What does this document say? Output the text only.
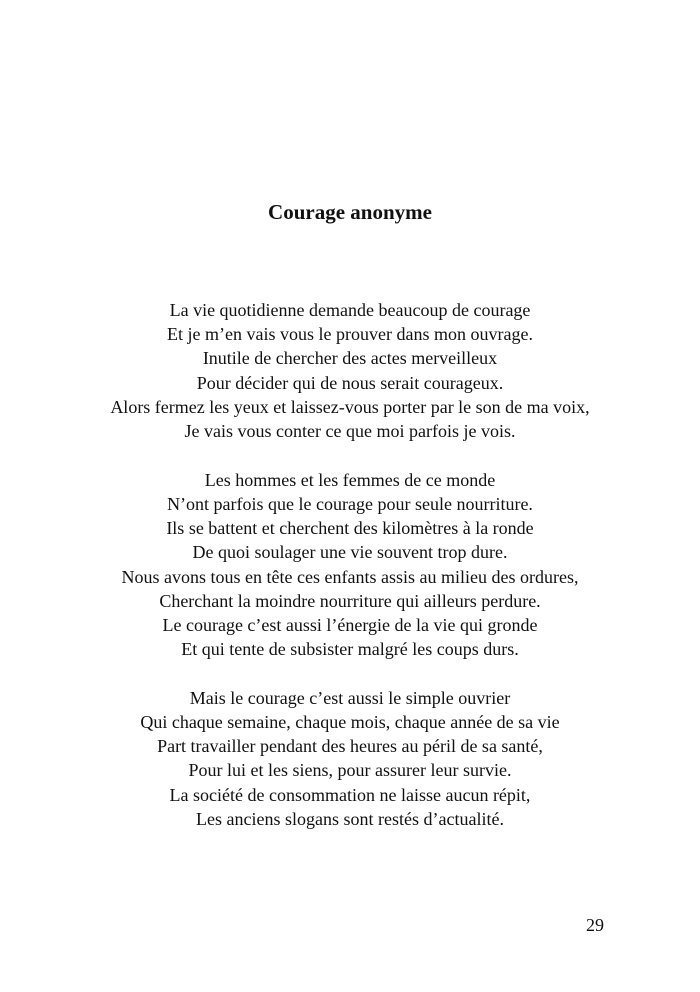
Courage anonyme
La vie quotidienne demande beaucoup de courage
Et je m’en vais vous le prouver dans mon ouvrage.
Inutile de chercher des actes merveilleux
Pour décider qui de nous serait courageux.
Alors fermez les yeux et laissez-vous porter par le son de ma voix,
Je vais vous conter ce que moi parfois je vois.
Les hommes et les femmes de ce monde
N’ont parfois que le courage pour seule nourriture.
Ils se battent et cherchent des kilomètres à la ronde
De quoi soulager une vie souvent trop dure.
Nous avons tous en tête ces enfants assis au milieu des ordures,
Cherchant la moindre nourriture qui ailleurs perdure.
Le courage c’est aussi l’énergie de la vie qui gronde
Et qui tente de subsister malgré les coups durs.
Mais le courage c’est aussi le simple ouvrier
Qui chaque semaine, chaque mois, chaque année de sa vie
Part travailler pendant des heures au péril de sa santé,
Pour lui et les siens, pour assurer leur survie.
La société de consommation ne laisse aucun répit,
Les anciens slogans sont restés d’actualité.
29
